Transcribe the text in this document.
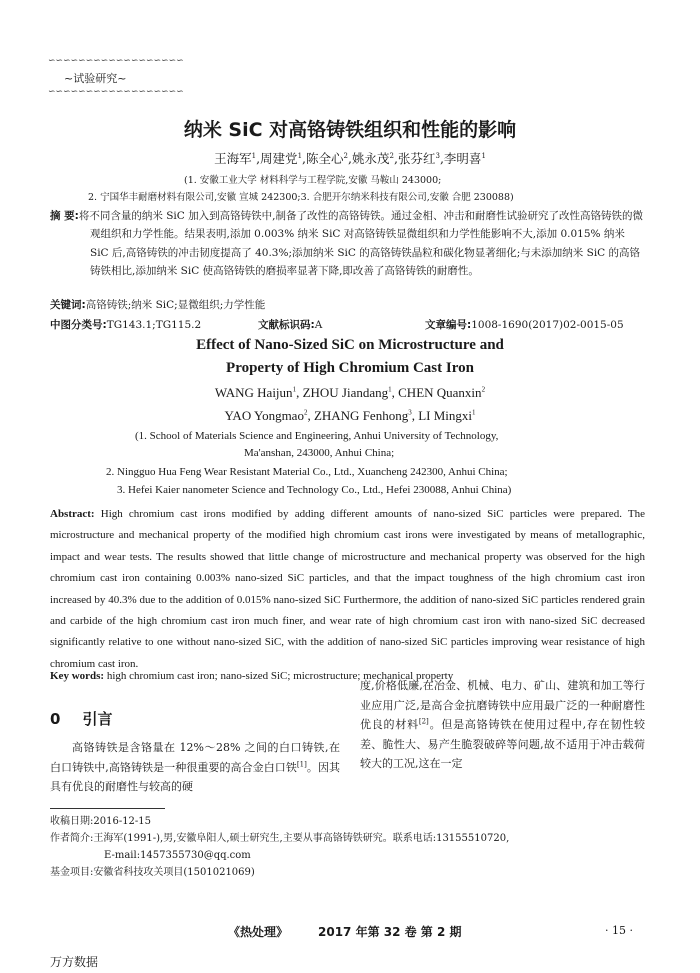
∽∽∽∽∽∽∽∽∽∽∽∽∽∽∽∽∽∽
~试验研究~
∽∽∽∽∽∽∽∽∽∽∽∽∽∽∽∽∽∽
纳米 SiC 对高铬铸铁组织和性能的影响
王海军$^1$,周建党$^1$,陈全心$^2$,姚永茂$^2$,张芬红$^3$,李明喜$^1$
(1. 安徽工业大学 材料科学与工程学院,安徽 马鞍山 243000;
2. 宁国华丰耐磨材料有限公司,安徽 宣城 242300;3. 合肥开尔纳米科技有限公司,安徽 合肥 230088)
摘 要:将不同含量的纳米 SiC 加入到高铬铸铁中,制备了改性的高铬铸铁。通过金相、冲击和耐磨性试验研究了改性高铬铸铁的微观组织和力学性能。结果表明,添加 0.003% 纳米 SiC 对高铬铸铁显微组织和力学性能影响不大,添加 0.015% 纳米 SiC 后,高铬铸铁的冲击韧度提高了 40.3%;添加纳米 SiC 的高铬铸铁晶粒和碳化物显著细化;与未添加纳米 SiC 的高铬铸铁相比,添加纳米 SiC 使高铬铸铁的磨损率显著下降,即改善了高铬铸铁的耐磨性。
关键词:高铬铸铁;纳米 SiC;显微组织;力学性能
中图分类号:TG143.1;TG115.2	文献标识码:A	文章编号:1008-1690(2017)02-0015-05
Effect of Nano-Sized SiC on Microstructure and
Property of High Chromium Cast Iron
WANG Haijun$^1$, ZHOU Jiandang$^1$, CHEN Quanxin$^2$
YAO Yongmao$^2$, ZHANG Fenhong$^3$, LI Mingxi$^1$
(1. School of Materials Science and Engineering, Anhui University of Technology,
Ma'anshan, 243000, Anhui China;
2. Ningguo Hua Feng Wear Resistant Material Co., Ltd., Xuancheng 242300, Anhui China;
3. Hefei Kaier nanometer Science and Technology Co., Ltd., Hefei 230088, Anhui China)
Abstract: High chromium cast irons modified by adding different amounts of nano-sized SiC particles were prepared. The microstructure and mechanical property of the modified high chromium cast irons were investigated by means of metallographic, impact and wear tests. The results showed that little change of microstructure and mechanical property was observed for the high chromium cast iron containing 0.003% nano-sized SiC particles, and that the impact toughness of the high chromium cast iron increased by 40.3% due to the addition of 0.015% nano-sized SiC Furthermore, the addition of nano-sized SiC particles rendered grain and carbide of the high chromium cast iron much finer, and wear rate of high chromium cast iron with nano-sized SiC decreased significantly relative to one without nano-sized SiC, with the addition of nano-sized SiC particles improving wear resistance of high chromium cast iron.
Key words: high chromium cast iron; nano-sized SiC; microstructure; mechanical property
0 引言
高铬铸铁是含铬量在 12%～28% 之间的白口铸铁,在白口铸铁中,高铬铸铁是一种很重要的高合金白口铁[1]。因其具有优良的耐磨性与较高的硬
度,价格低廉,在冶金、机械、电力、矿山、建筑和加工等行业应用广泛,是高合金抗磨铸铁中应用最广泛的一种耐磨性优良的材料[2]。但是高铬铸铁在使用过程中,存在韧性较差、脆性大、易产生脆裂破碎等问题,故不适用于冲击载荷较大的工况,这在一定
收稿日期:2016-12-15
作者简介:王海军(1991-),男,安徽阜阳人,硕士研究生,主要从事高铬铸铁研究。联系电话:13155510720,
E-mail:1457355730@qq.com
基金项目:安徽省科技攻关项目(1501021069)
《热处理》 2017 年第 32 卷 第 2 期	· 15 ·
万方数据
